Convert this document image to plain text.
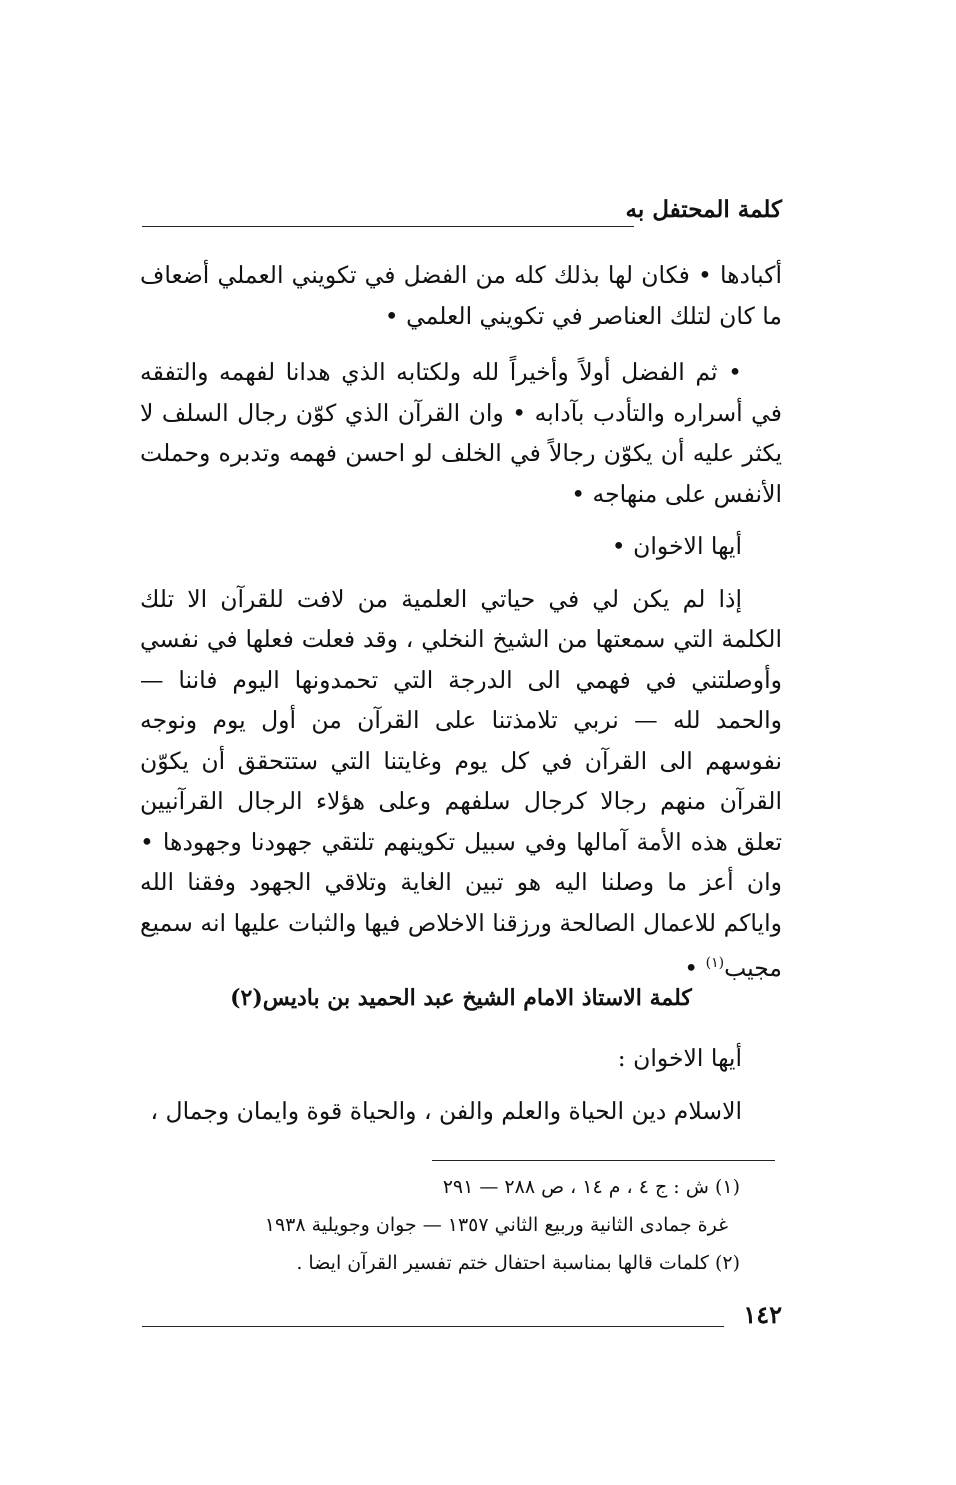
كلمة المحتفل به

أكبادها • فكان لها بذلك كله من الفضل في تكويني العملي أضعاف ما كان لتلك العناصر في تكويني العلمي •

• ثم الفضل أولاً وأخيراً لله ولكتابه الذي هدانا لفهمه والتفقه في أسراره والتأدب بآدابه • وان القرآن الذي كوّن رجال السلف لا يكثر عليه أن يكوّن رجالاً في الخلف لو احسن فهمه وتدبره وحملت الأنفس على منهاجه •

أيها الاخوان •

إذا لم يكن لي في حياتي العلمية من لافت للقرآن الا تلك الكلمة التي سمعتها من الشيخ النخلي ، وقد فعلت فعلها في نفسي وأوصلتني في فهمي الى الدرجة التي تحمدونها اليوم فاننا — والحمد لله — نربي تلامذتنا على القرآن من أول يوم ونوجه نفوسهم الى القرآن في كل يوم وغايتنا التي ستتحقق أن يكوّن القرآن منهم رجالا كرجال سلفهم وعلى هؤلاء الرجال القرآنيين تعلق هذه الأمة آمالها وفي سبيل تكوينهم تلتقي جهودنا وجهودها • وان أعز ما وصلنا اليه هو تبين الغاية وتلاقي الجهود وفقنا الله واياكم للاعمال الصالحة ورزقنا الاخلاص فيها والثبات عليها انه سميع مجيب$^{(١)}$ •

كلمة الاستاذ الامام الشيخ عبد الحميد بن باديس(٢)

أيها الاخوان :

الاسلام دين الحياة والعلم والفن ، والحياة قوة وايمان وجمال ،

(١) ش : ج ٤ ، م ١٤ ، ص ٢٨٨ — ٢٩١
غرة جمادى الثانية وربيع الثاني ١٣٥٧ — جوان وجويلية ١٩٣٨
(٢) كلمات قالها بمناسبة احتفال ختم تفسير القرآن ايضا .
١٤٢
